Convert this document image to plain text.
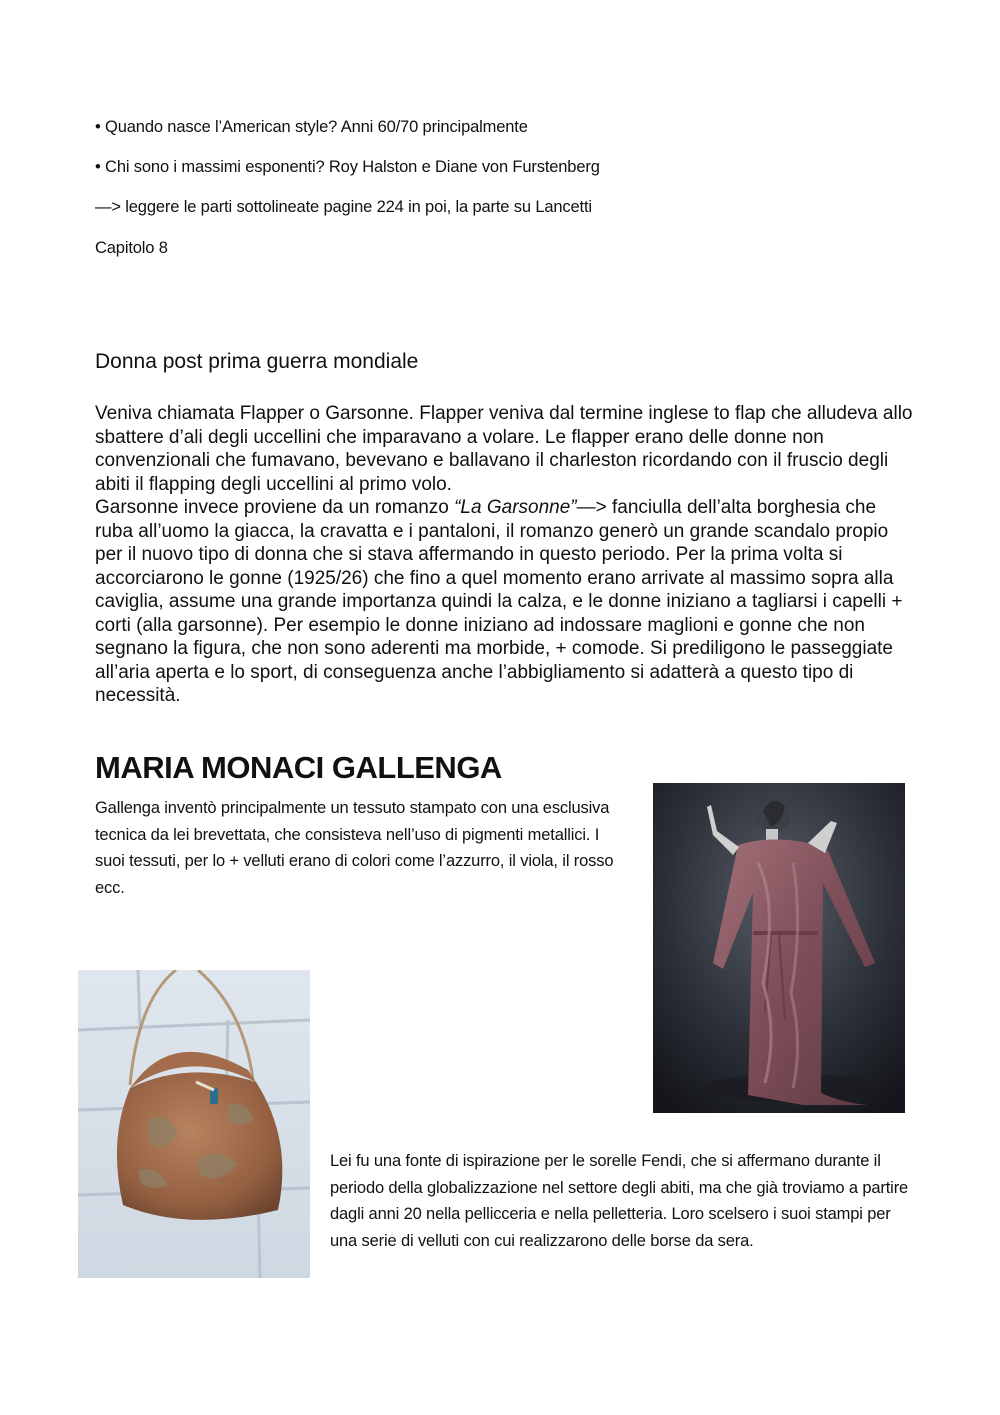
• Quando nasce l’American style? Anni 60/70 principalmente
• Chi sono i massimi esponenti? Roy Halston e Diane von Furstenberg
—> leggere le parti sottolineate pagine 224 in poi, la parte su Lancetti
Capitolo 8
Donna post prima guerra mondiale

Veniva chiamata Flapper o Garsonne. Flapper veniva dal termine inglese to flap che alludeva allo sbattere d’ali degli uccellini che imparavano a volare. Le flapper erano delle donne non convenzionali che fumavano, bevevano e ballavano il charleston ricordando con il fruscio degli abiti il flapping degli uccellini al primo volo.

Garsonne invece proviene da un romanzo “La Garsonne”—> fanciulla dell’alta borghesia che ruba all’uomo la giacca, la cravatta e i pantaloni, il romanzo generò un grande scandalo propio per il nuovo tipo di donna che si stava affermando in questo periodo. Per la prima volta si accorciarono le gonne (1925/26) che fino a quel momento erano arrivate al massimo sopra alla caviglia, assume una grande importanza quindi la calza, e le donne iniziano a tagliarsi i capelli + corti (alla garsonne). Per esempio le donne iniziano ad indossare maglioni e gonne che non segnano la figura, che non sono aderenti ma morbide, + comode. Si prediligono le passeggiate all’aria aperta e lo sport, di conseguenza anche l’abbigliamento si adatterà a questo tipo di necessità.

MARIA MONACI GALLENGA
Gallenga inventò principalmente un tessuto stampato con una esclusiva tecnica da lei brevettata, che consisteva nell’uso di pigmenti metallici. I suoi tessuti, per lo + velluti erano di colori come l’azzurro, il viola, il rosso ecc.
Lei fu una fonte di ispirazione per le sorelle Fendi, che si affermano durante il periodo della globalizzazione nel settore degli abiti, ma che già troviamo a partire dagli anni 20 nella pellicceria e nella pelletteria. Loro scelsero i suoi stampi per una serie di velluti con cui realizzarono delle borse da sera.
